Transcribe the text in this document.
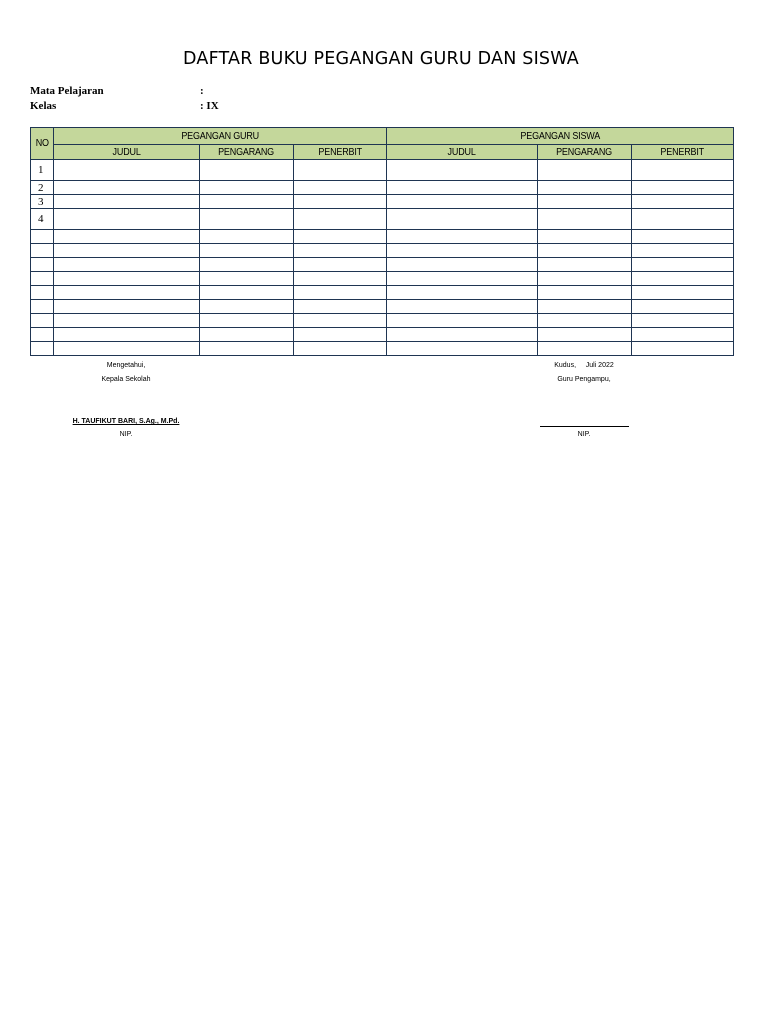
DAFTAR BUKU PEGANGAN GURU DAN SISWA
Mata Pelajaran	:
Kelas	: IX
NO	PEGANGAN GURU			PEGANGAN SISWA		
	JUDUL	PENGARANG	PENERBIT	JUDUL	PENGARANG	PENERBIT
1						
2						
3						
4						

Mengetahui,
Kepala Sekolah
H. TAUFIKUT BARI, S.Ag., M.Pd.
NIP.
Kudus,     Juli 2022
Guru Pengampu,
NIP.
